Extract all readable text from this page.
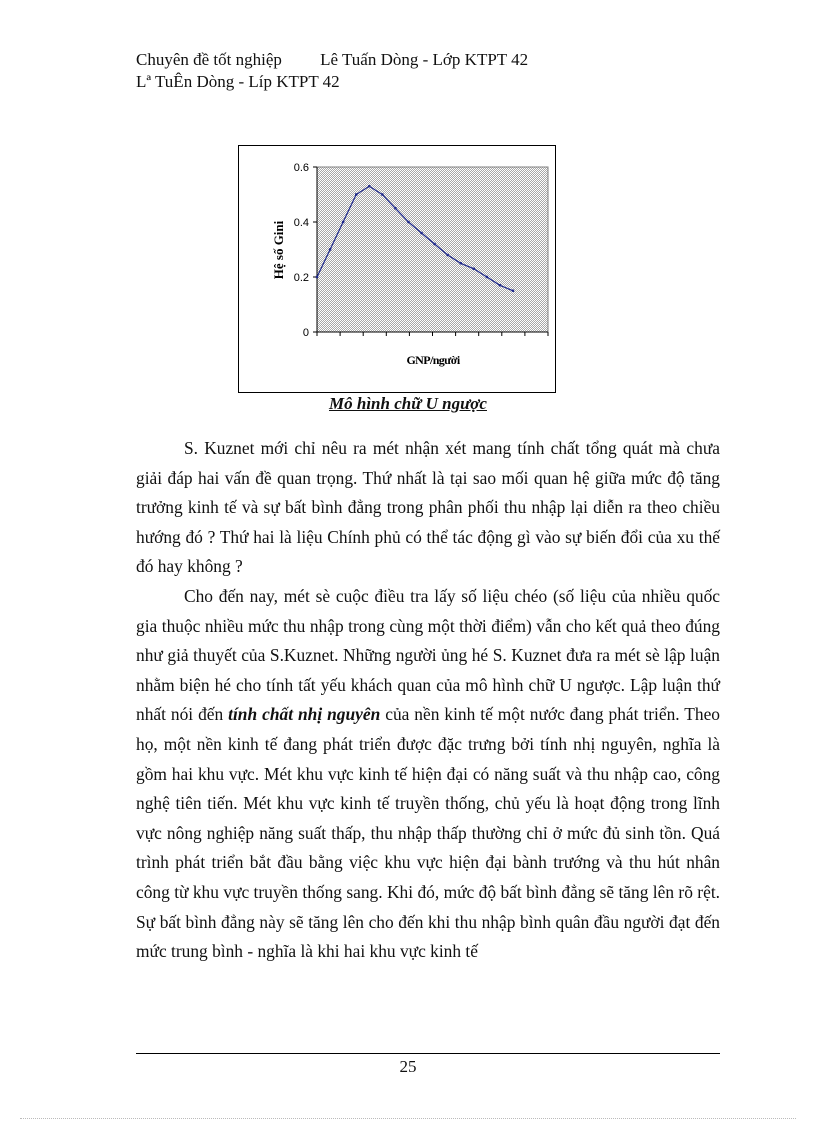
Chuyên đề tốt nghiệp         Lê Tuấn Dòng - Lớp KTPT 42
Lª TuÊn Dòng - Líp KTPT 42
0
0.2
0.4
0.6
Hệ số Gini
GNP/người
Mô hình chữ U ngược

S. Kuznet mới chỉ nêu ra mét nhận xét mang tính chất tổng quát mà chưa giải đáp hai vấn đề quan trọng. Thứ nhất là tại sao mối quan hệ giữa mức độ tăng trưởng kinh tế và sự bất bình đẳng trong phân phối thu nhập lại diễn ra theo chiều hướng đó ? Thứ hai là liệu Chính phủ có thể tác động gì vào sự biến đổi của xu thế đó hay không ?

Cho đến nay, mét sè cuộc điều tra lấy số liệu chéo (số liệu của nhiều quốc gia thuộc nhiều mức thu nhập trong cùng một thời điểm) vẫn cho kết quả theo đúng như giả thuyết của S.Kuznet. Những người ủng hé S. Kuznet đưa ra mét sè lập luận nhằm biện hé cho tính tất yếu khách quan của mô hình chữ U ngược. Lập luận thứ nhất nói đến tính chất nhị nguyên của nền kinh tế một nước đang phát triển. Theo họ, một nền kinh tế đang phát triển được đặc trưng bởi tính nhị nguyên, nghĩa là gồm hai khu vực. Mét khu vực kinh tế hiện đại có năng suất và thu nhập cao, công nghệ tiên tiến. Mét khu vực kinh tế truyền thống, chủ yếu là hoạt động trong lĩnh vực nông nghiệp năng suất thấp, thu nhập thấp thường chỉ ở mức đủ sinh tồn. Quá trình phát triển bắt đầu bằng việc khu vực hiện đại bành trướng và thu hút nhân công từ khu vực truyền thống sang. Khi đó, mức độ bất bình đẳng sẽ tăng lên rõ rệt. Sự bất bình đẳng này sẽ tăng lên cho đến khi thu nhập bình quân đầu người đạt đến mức trung bình - nghĩa là khi hai khu vực kinh tế

25
